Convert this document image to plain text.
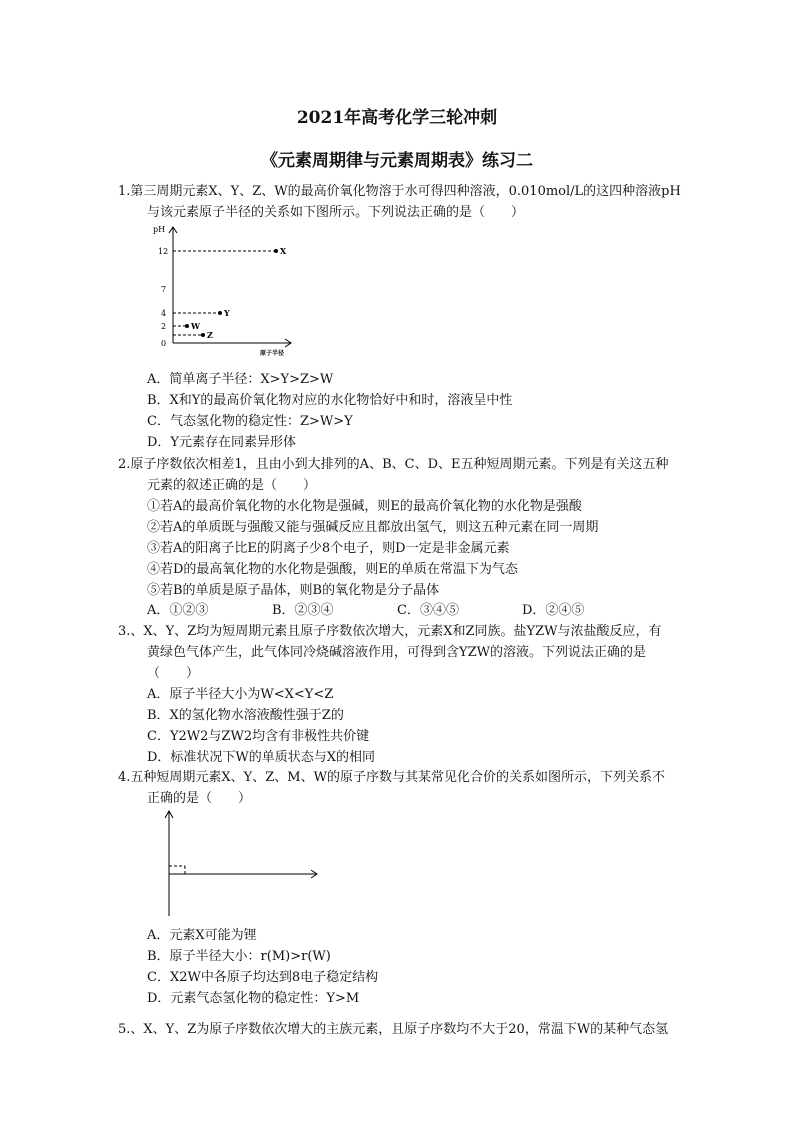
2021年高考化学三轮冲刺
《元素周期律与元素周期表》练习二
1.第三周期元素X、Y、Z、W的最高价氧化物溶于水可得四种溶液，0.010mol/L的这四种溶液pH
与该元素原子半径的关系如下图所示。下列说法正确的是（　　）
pH
12
7
4
2
0
X
Y
W
Z
原子半径
A．简单离子半径：X>Y>Z>W
B．X和Y的最高价氧化物对应的水化物恰好中和时，溶液呈中性
C．气态氢化物的稳定性：Z>W>Y
D．Y元素存在同素异形体
2.原子序数依次相差1，且由小到大排列的A、B、C、D、E五种短周期元素。下列是有关这五种
元素的叙述正确的是（　　）
①若A的最高价氧化物的水化物是强碱，则E的最高价氧化物的水化物是强酸
②若A的单质既与强酸又能与强碱反应且都放出氢气，则这五种元素在同一周期
③若A的阳离子比E的阴离子少8个电子，则D一定是非金属元素
④若D的最高氧化物的水化物是强酸，则E的单质在常温下为气态
⑤若B的单质是原子晶体，则B的氧化物是分子晶体
A．①②③	B．②③④	C．③④⑤	D．②④⑤
3.、X、Y、Z均为短周期元素且原子序数依次增大，元素X和Z同族。盐YZW与浓盐酸反应，有
黄绿色气体产生，此气体同冷烧碱溶液作用，可得到含YZW的溶液。下列说法正确的是
（　　）
A．原子半径大小为W<X<Y<Z
B．X的氢化物水溶液酸性强于Z的
C．Y2W2与ZW2均含有非极性共价键
D．标准状况下W的单质状态与X的相同
4.五种短周期元素X、Y、Z、M、W的原子序数与其某常见化合价的关系如图所示，下列关系不
正确的是（　　）
A．元素X可能为锂
B．原子半径大小：r(M)>r(W)
C．X2W中各原子均达到8电子稳定结构
D．元素气态氢化物的稳定性：Y>M
5.、X、Y、Z为原子序数依次增大的主族元素，且原子序数均不大于20，常温下W的某种气态氢
